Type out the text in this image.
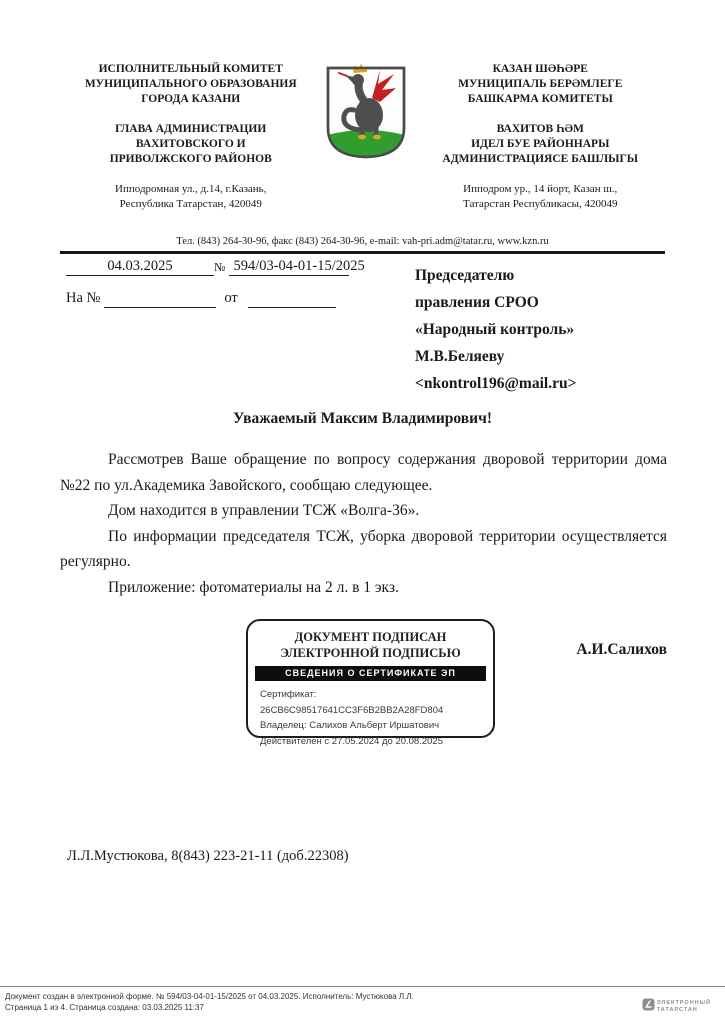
ИСПОЛНИТЕЛЬНЫЙ КОМИТЕТ
МУНИЦИПАЛЬНОГО ОБРАЗОВАНИЯ
ГОРОДА КАЗАНИ
ГЛАВА АДМИНИСТРАЦИИ
ВАХИТОВСКОГО И
ПРИВОЛЖСКОГО РАЙОНОВ
Ипподромная ул., д.14, г.Казань,
Республика Татарстан, 420049
КАЗАН ШӘҺӘРЕ
МУНИЦИПАЛЬ БЕРӘМЛЕГЕ
БАШКАРМА КОМИТЕТЫ
ВАХИТОВ ҺӘМ
ИДЕЛ БУЕ РАЙОННАРЫ
АДМИНИСТРАЦИЯСЕ БАШЛЫГЫ
Ипподром ур., 14 йорт, Казан ш.,
Татарстан Республикасы, 420049
Тел. (843) 264-30-96, факс (843) 264-30-96, e-mail: vah-pri.adm@tatar.ru, www.kzn.ru
04.03.2025	№ 594/03-04-01-15/2025
На №	от
Председателю
правления СРОО
«Народный контроль»
М.В.Беляеву
<nkontrol196@mail.ru>
Уважаемый Максим Владимирович!

Рассмотрев Ваше обращение по вопросу содержания дворовой территории дома №22 по ул.Академика Завойского, сообщаю следующее.

Дом находится в управлении ТСЖ «Волга-36».

По информации председателя ТСЖ, уборка дворовой территории осуществляется регулярно.

Приложение: фотоматериалы на 2 л. в 1 экз.

ДОКУМЕНТ ПОДПИСАН
ЭЛЕКТРОННОЙ ПОДПИСЬЮ
СВЕДЕНИЯ О СЕРТИФИКАТЕ ЭП
Сертификат: 26CB6C98517641CC3F6B2BB2A28FD804
Владелец: Салихов Альберт Иршатович
Действителен с 27.05.2024 до 20.08.2025
А.И.Салихов
Л.Л.Мустюкова, 8(843) 223-21-11 (доб.22308)
Документ создан в электронной форме. № 594/03-04-01-15/2025 от 04.03.2025. Исполнитель: Мустюкова Л.Л.
Страница 1 из 4. Страница создана: 03.03.2025 11:37	ЭЛЕКТРОННЫЙ
ТАТАРСТАН
